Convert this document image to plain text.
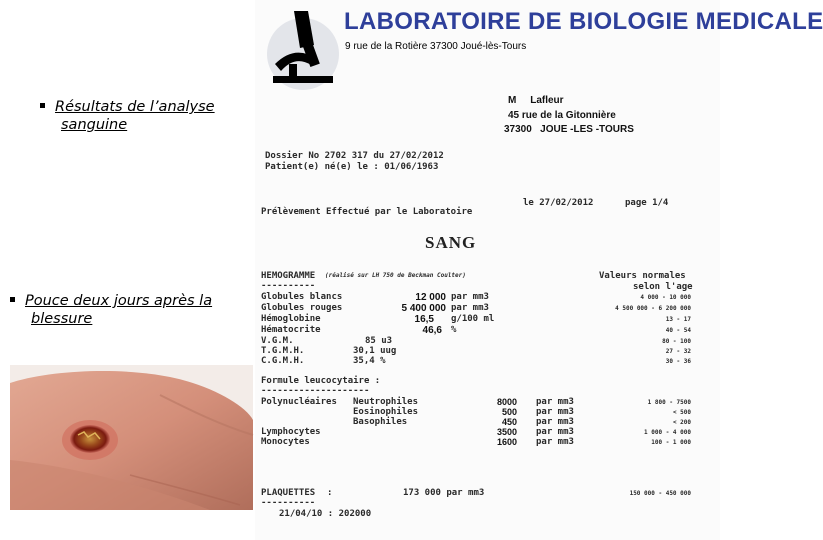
Résultats de l’analyse
sanguine
Pouce deux jours après la
blessure
LABORATOIRE DE BIOLOGIE MEDICALE
9 rue de la Rotière 37300 Joué-lès-Tours
M     Lafleur
45 rue de la Gitonnière
37300   JOUE -LES -TOURS
Dossier No 2702 317 du 27/02/2012
Patient(e) né(e) le : 01/06/1963
Prélèvement Effectué par le Laboratoire
le 27/02/2012	page 1/4
SANG
HEMOGRAMME (réalisé sur LH 750 de Beckman Coulter)
----------
Valeurs normales
selon l'age
Globules blancs	12 000 par mm3	4 000 - 10 000
Globules rouges	5 400 000 par mm3	4 500 000 - 6 200 000
Hémoglobine	16,5 g/100 ml	13 - 17
Hématocrite	46,6 %	40 - 54
V.G.M.	85 u3	80 - 100
T.G.M.H.	30,1 uug	27 - 32
C.G.M.H.	35,4 %	30 - 36
Formule leucocytaire :
--------------------
Polynucléaires Neutrophiles	8000 par mm3	1 800 - 7500
Eosinophiles	500 par mm3	< 500
Basophiles	450 par mm3	< 200
Lymphocytes	3500 par mm3	1 000 - 4 000
Monocytes	1600 par mm3	100 - 1 000
PLAQUETTES :	173 000 par mm3	150 000 - 450 000
----------
21/04/10 : 202000
